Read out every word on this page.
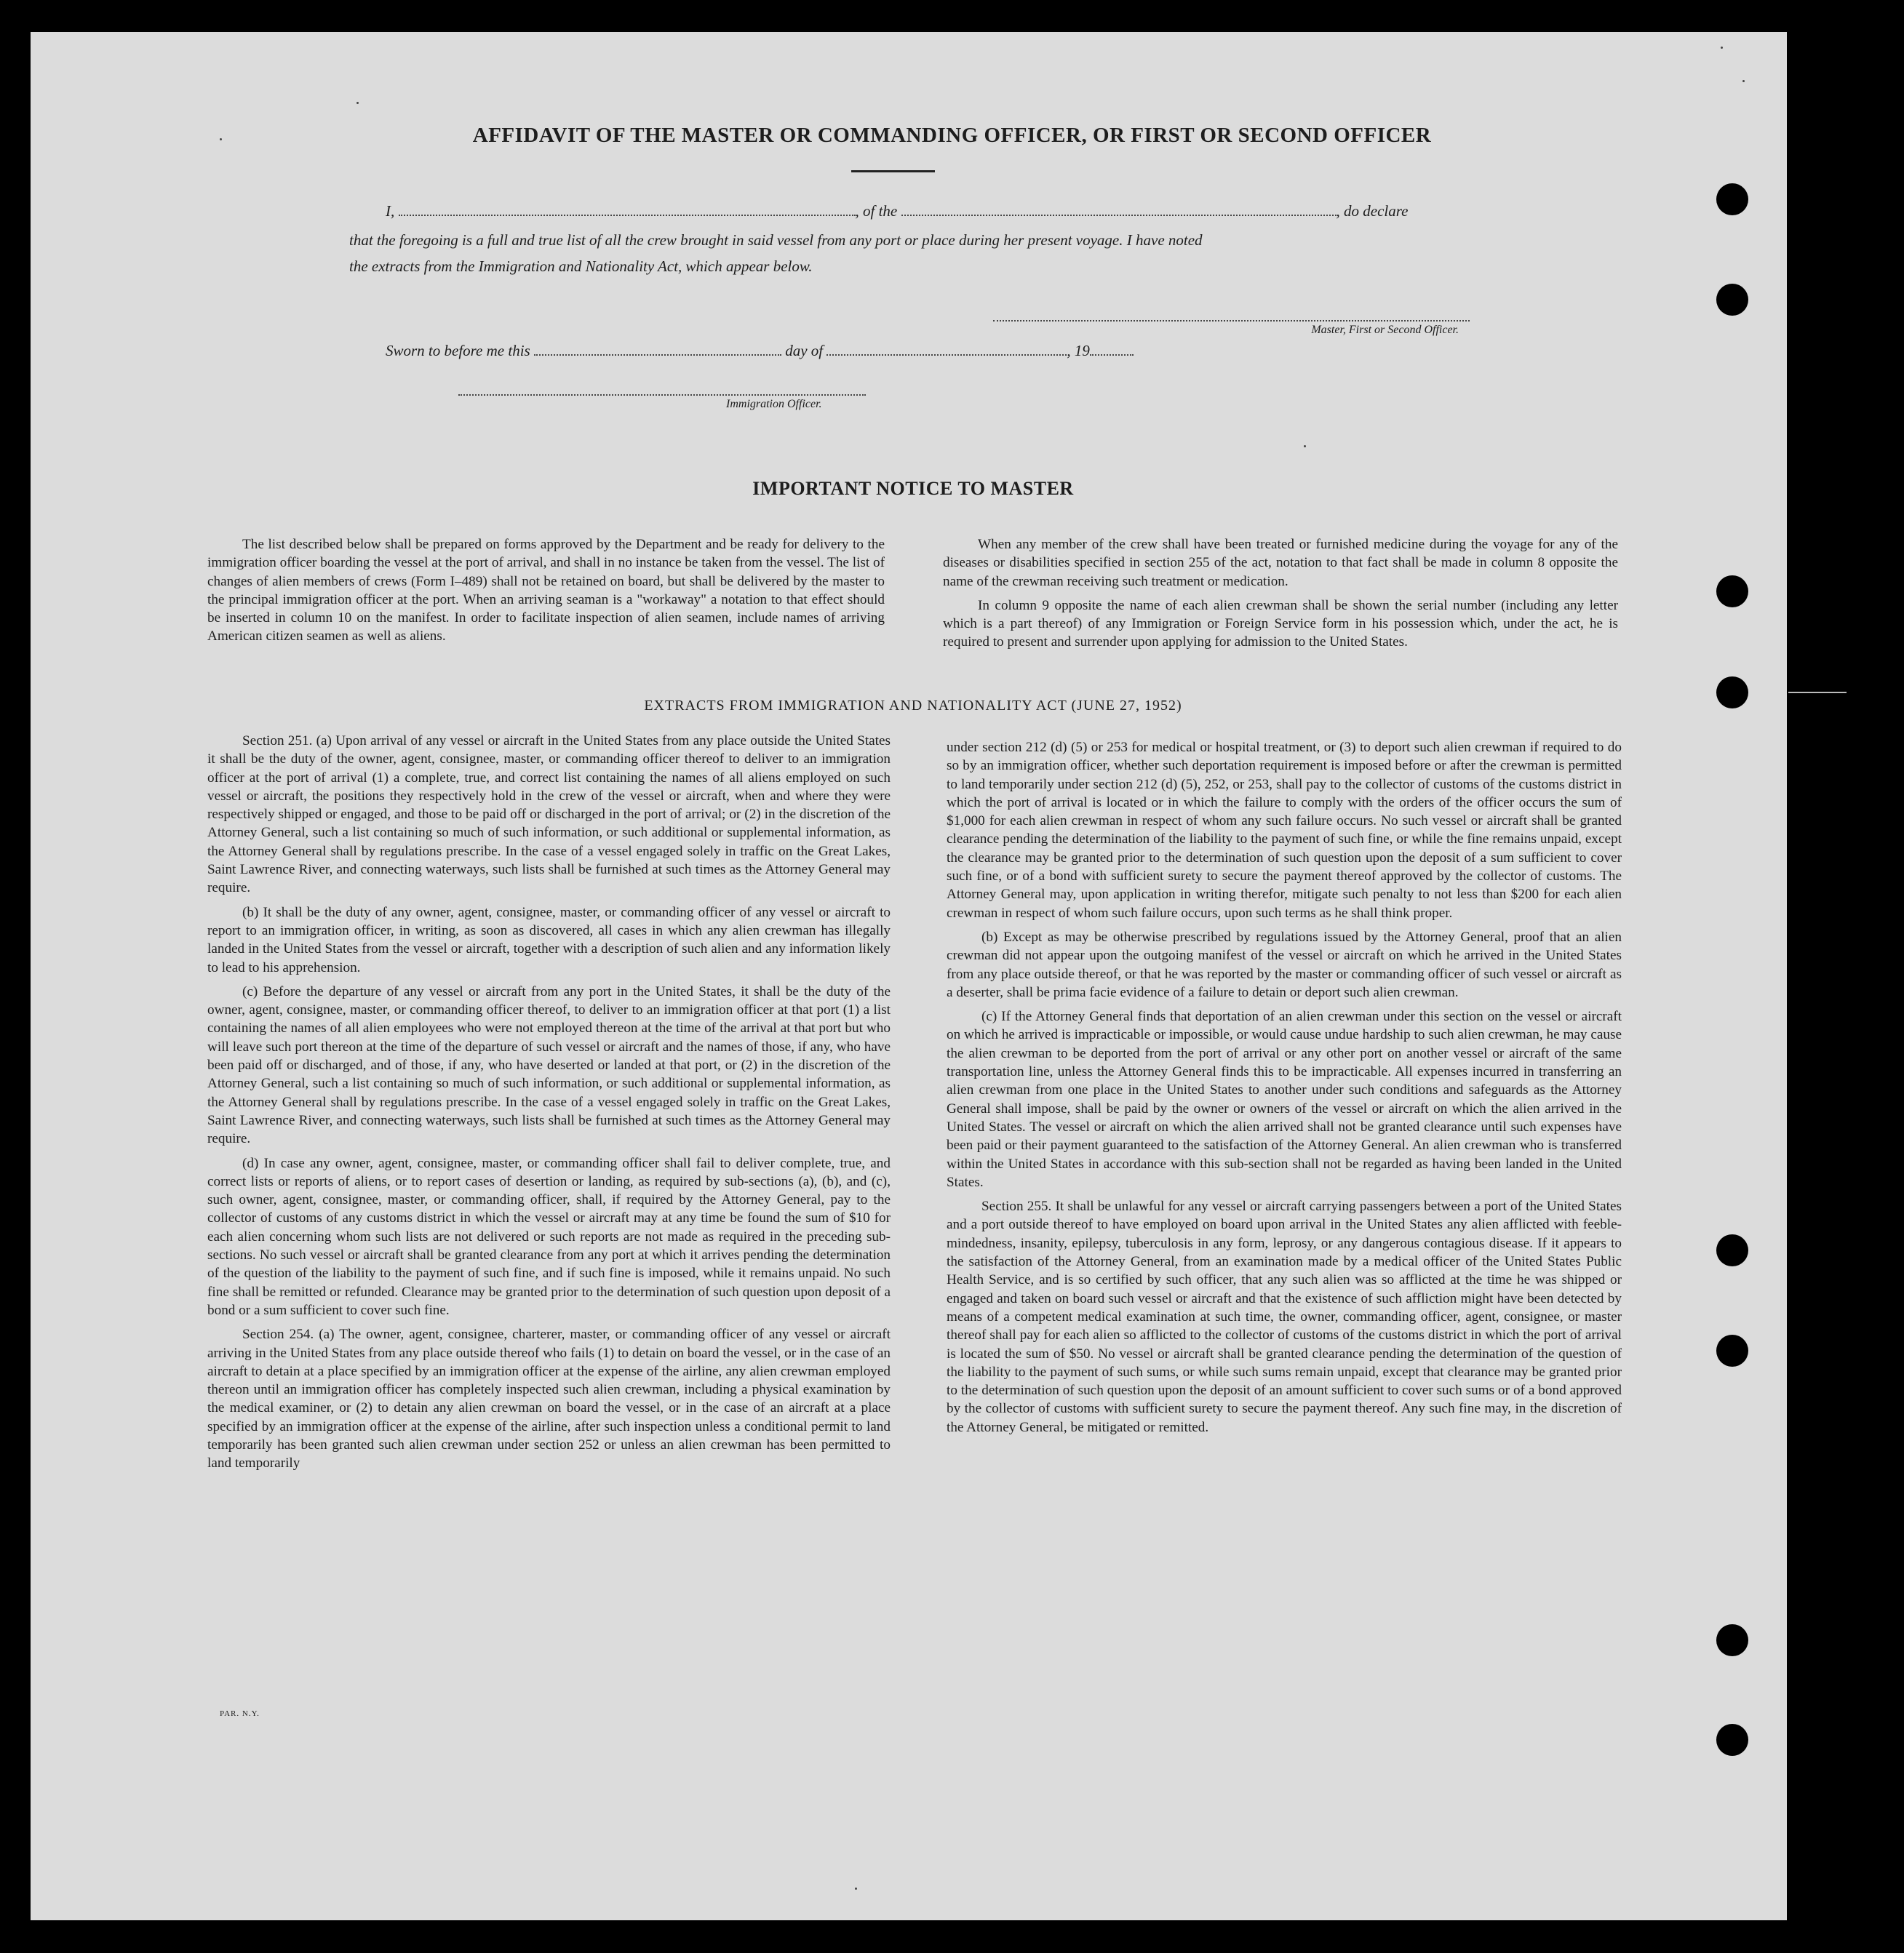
AFFIDAVIT OF THE MASTER OR COMMANDING OFFICER, OR FIRST OR SECOND OFFICER
I,	, of the	, do declare
that the foregoing is a full and true list of all the crew brought in said vessel from any port or place during her present voyage. I have noted
the extracts from the Immigration and Nationality Act, which appear below.
Master, First or Second Officer.
Sworn to before me this	day of	, 19
Immigration Officer.
IMPORTANT NOTICE TO MASTER

The list described below shall be prepared on forms approved by the Department and be ready for delivery to the immigration officer boarding the vessel at the port of arrival, and shall in no instance be taken from the vessel. The list of changes of alien members of crews (Form I–489) shall not be retained on board, but shall be delivered by the master to the principal immigration officer at the port. When an arriving seaman is a "workaway" a notation to that effect should be inserted in column 10 on the manifest. In order to facilitate inspection of alien seamen, include names of arriving American citizen seamen as well as aliens.

When any member of the crew shall have been treated or furnished medicine during the voyage for any of the diseases or disabilities specified in section 255 of the act, notation to that fact shall be made in column 8 opposite the name of the crewman receiving such treatment or medication.

In column 9 opposite the name of each alien crewman shall be shown the serial number (including any letter which is a part thereof) of any Immigration or Foreign Service form in his possession which, under the act, he is required to present and surrender upon applying for admission to the United States.

EXTRACTS FROM IMMIGRATION AND NATIONALITY ACT (JUNE 27, 1952)

Section 251. (a) Upon arrival of any vessel or aircraft in the United States from any place outside the United States it shall be the duty of the owner, agent, consignee, master, or commanding officer thereof to deliver to an immigration officer at the port of arrival (1) a complete, true, and correct list containing the names of all aliens employed on such vessel or aircraft, the positions they respectively hold in the crew of the vessel or aircraft, when and where they were respectively shipped or engaged, and those to be paid off or discharged in the port of arrival; or (2) in the discretion of the Attorney General, such a list containing so much of such information, or such additional or supplemental information, as the Attorney General shall by regulations prescribe. In the case of a vessel engaged solely in traffic on the Great Lakes, Saint Lawrence River, and connecting waterways, such lists shall be furnished at such times as the Attorney General may require.

(b) It shall be the duty of any owner, agent, consignee, master, or commanding officer of any vessel or aircraft to report to an immigration officer, in writing, as soon as discovered, all cases in which any alien crewman has illegally landed in the United States from the vessel or aircraft, together with a description of such alien and any information likely to lead to his apprehension.

(c) Before the departure of any vessel or aircraft from any port in the United States, it shall be the duty of the owner, agent, consignee, master, or commanding officer thereof, to deliver to an immigration officer at that port (1) a list containing the names of all alien employees who were not employed thereon at the time of the arrival at that port but who will leave such port thereon at the time of the departure of such vessel or aircraft and the names of those, if any, who have been paid off or discharged, and of those, if any, who have deserted or landed at that port, or (2) in the discretion of the Attorney General, such a list containing so much of such information, or such additional or supplemental information, as the Attorney General shall by regulations prescribe. In the case of a vessel engaged solely in traffic on the Great Lakes, Saint Lawrence River, and connecting waterways, such lists shall be furnished at such times as the Attorney General may require.

(d) In case any owner, agent, consignee, master, or commanding officer shall fail to deliver complete, true, and correct lists or reports of aliens, or to report cases of desertion or landing, as required by sub-sections (a), (b), and (c), such owner, agent, consignee, master, or commanding officer, shall, if required by the Attorney General, pay to the collector of customs of any customs district in which the vessel or aircraft may at any time be found the sum of $10 for each alien concerning whom such lists are not delivered or such reports are not made as required in the preceding sub-sections. No such vessel or aircraft shall be granted clearance from any port at which it arrives pending the determination of the question of the liability to the payment of such fine, and if such fine is imposed, while it remains unpaid. No such fine shall be remitted or refunded. Clearance may be granted prior to the determination of such question upon deposit of a bond or a sum sufficient to cover such fine.

Section 254. (a) The owner, agent, consignee, charterer, master, or commanding officer of any vessel or aircraft arriving in the United States from any place outside thereof who fails (1) to detain on board the vessel, or in the case of an aircraft to detain at a place specified by an immigration officer at the expense of the airline, any alien crewman employed thereon until an immigration officer has completely inspected such alien crewman, including a physical examination by the medical examiner, or (2) to detain any alien crewman on board the vessel, or in the case of an aircraft at a place specified by an immigration officer at the expense of the airline, after such inspection unless a conditional permit to land temporarily has been granted such alien crewman under section 252 or unless an alien crewman has been permitted to land temporarily

under section 212 (d) (5) or 253 for medical or hospital treatment, or (3) to deport such alien crewman if required to do so by an immigration officer, whether such deportation requirement is imposed before or after the crewman is permitted to land temporarily under section 212 (d) (5), 252, or 253, shall pay to the collector of customs of the customs district in which the port of arrival is located or in which the failure to comply with the orders of the officer occurs the sum of $1,000 for each alien crewman in respect of whom any such failure occurs. No such vessel or aircraft shall be granted clearance pending the determination of the liability to the payment of such fine, or while the fine remains unpaid, except the clearance may be granted prior to the determination of such question upon the deposit of a sum sufficient to cover such fine, or of a bond with sufficient surety to secure the payment thereof approved by the collector of customs. The Attorney General may, upon application in writing therefor, mitigate such penalty to not less than $200 for each alien crewman in respect of whom such failure occurs, upon such terms as he shall think proper.

(b) Except as may be otherwise prescribed by regulations issued by the Attorney General, proof that an alien crewman did not appear upon the outgoing manifest of the vessel or aircraft on which he arrived in the United States from any place outside thereof, or that he was reported by the master or commanding officer of such vessel or aircraft as a deserter, shall be prima facie evidence of a failure to detain or deport such alien crewman.

(c) If the Attorney General finds that deportation of an alien crewman under this section on the vessel or aircraft on which he arrived is impracticable or impossible, or would cause undue hardship to such alien crewman, he may cause the alien crewman to be deported from the port of arrival or any other port on another vessel or aircraft of the same transportation line, unless the Attorney General finds this to be impracticable. All expenses incurred in transferring an alien crewman from one place in the United States to another under such conditions and safeguards as the Attorney General shall impose, shall be paid by the owner or owners of the vessel or aircraft on which the alien arrived in the United States. The vessel or aircraft on which the alien arrived shall not be granted clearance until such expenses have been paid or their payment guaranteed to the satisfaction of the Attorney General. An alien crewman who is transferred within the United States in accordance with this sub-section shall not be regarded as having been landed in the United States.

Section 255. It shall be unlawful for any vessel or aircraft carrying passengers between a port of the United States and a port outside thereof to have employed on board upon arrival in the United States any alien afflicted with feeble-mindedness, insanity, epilepsy, tuberculosis in any form, leprosy, or any dangerous contagious disease. If it appears to the satisfaction of the Attorney General, from an examination made by a medical officer of the United States Public Health Service, and is so certified by such officer, that any such alien was so afflicted at the time he was shipped or engaged and taken on board such vessel or aircraft and that the existence of such affliction might have been detected by means of a competent medical examination at such time, the owner, commanding officer, agent, consignee, or master thereof shall pay for each alien so afflicted to the collector of customs of the customs district in which the port of arrival is located the sum of $50. No vessel or aircraft shall be granted clearance pending the determination of the question of the liability to the payment of such sums, or while such sums remain unpaid, except that clearance may be granted prior to the determination of such question upon the deposit of an amount sufficient to cover such sums or of a bond approved by the collector of customs with sufficient surety to secure the payment thereof. Any such fine may, in the discretion of the Attorney General, be mitigated or remitted.

PAR. N.Y.
